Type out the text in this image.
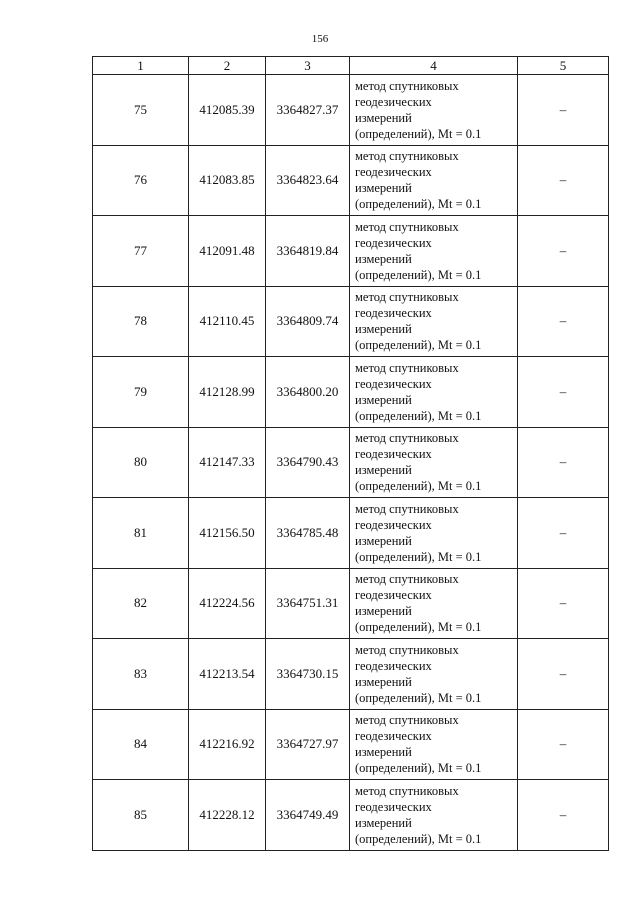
156
1	2	3	4	5
75	412085.39	3364827.37	метод спутниковых
геодезических
измерений
(определений), Mt = 0.1	–
76	412083.85	3364823.64	метод спутниковых
геодезических
измерений
(определений), Mt = 0.1	–
77	412091.48	3364819.84	метод спутниковых
геодезических
измерений
(определений), Mt = 0.1	–
78	412110.45	3364809.74	метод спутниковых
геодезических
измерений
(определений), Mt = 0.1	–
79	412128.99	3364800.20	метод спутниковых
геодезических
измерений
(определений), Mt = 0.1	–
80	412147.33	3364790.43	метод спутниковых
геодезических
измерений
(определений), Mt = 0.1	–
81	412156.50	3364785.48	метод спутниковых
геодезических
измерений
(определений), Mt = 0.1	–
82	412224.56	3364751.31	метод спутниковых
геодезических
измерений
(определений), Mt = 0.1	–
83	412213.54	3364730.15	метод спутниковых
геодезических
измерений
(определений), Mt = 0.1	–
84	412216.92	3364727.97	метод спутниковых
геодезических
измерений
(определений), Mt = 0.1	–
85	412228.12	3364749.49	метод спутниковых
геодезических
измерений
(определений), Mt = 0.1	–
